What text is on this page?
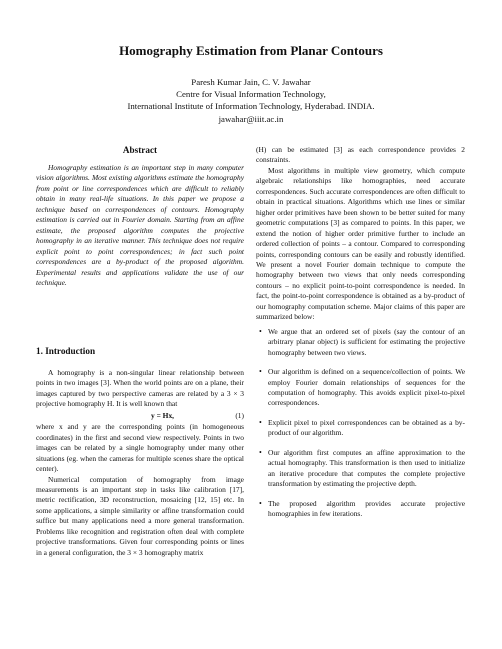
Homography Estimation from Planar Contours
Paresh Kumar Jain, C. V. Jawahar
Centre for Visual Information Technology,
International Institute of Information Technology, Hyderabad. INDIA.
jawahar@iiit.ac.in
Abstract

Homography estimation is an important step in many computer vision algorithms. Most existing algorithms estimate the homography from point or line correspondences which are difficult to reliably obtain in many real-life situations. In this paper we propose a technique based on correspondences of contours. Homography estimation is carried out in Fourier domain. Starting from an affine estimate, the proposed algorithm computes the projective homography in an iterative manner. This technique does not require explicit point to point correspondences; in fact such point correspondences are a by-product of the proposed algorithm. Experimental results and applications validate the use of our technique.

1. Introduction

A homography is a non-singular linear relationship between points in two images [3]. When the world points are on a plane, their images captured by two perspective cameras are related by a 3 × 3 projective homography H. It is well known that

y = Hx,	(1)

where x and y are the corresponding points (in homogeneous coordinates) in the first and second view respectively. Points in two images can be related by a single homography under many other situations (eg. when the cameras for multiple scenes share the optical center).

Numerical computation of homography from image measurements is an important step in tasks like calibration [17], metric rectification, 3D reconstruction, mosaicing [12, 15] etc. In some applications, a simple similarity or affine transformation could suffice but many applications need a more general transformation. Problems like recognition and registration often deal with complete projective transformations. Given four corresponding points or lines in a general configuration, the 3 × 3 homography matrix

(H) can be estimated [3] as each correspondence provides 2 constraints.

Most algorithms in multiple view geometry, which compute algebraic relationships like homographies, need accurate correspondences. Such accurate correspondences are often difficult to obtain in practical situations. Algorithms which use lines or similar higher order primitives have been shown to be better suited for many geometric computations [3] as compared to points. In this paper, we extend the notion of higher order primitive further to include an ordered collection of points – a contour. Compared to corresponding points, corresponding contours can be easily and robustly identified. We present a novel Fourier domain technique to compute the homography between two views that only needs corresponding contours – no explicit point-to-point correspondence is needed. In fact, the point-to-point correspondence is obtained as a by-product of our homography computation scheme. Major claims of this paper are summarized below:

• We argue that an ordered set of pixels (say the contour of an arbitrary planar object) is sufficient for estimating the projective homography between two views.
• Our algorithm is defined on a sequence/collection of points. We employ Fourier domain relationships of sequences for the computation of homography. This avoids explicit pixel-to-pixel correspondences.
• Explicit pixel to pixel correspondences can be obtained as a by-product of our algorithm.
• Our algorithm first computes an affine approximation to the actual homography. This transformation is then used to initialize an iterative procedure that computes the complete projective transformation by estimating the projective depth.
• The proposed algorithm provides accurate projective homographies in few iterations.
